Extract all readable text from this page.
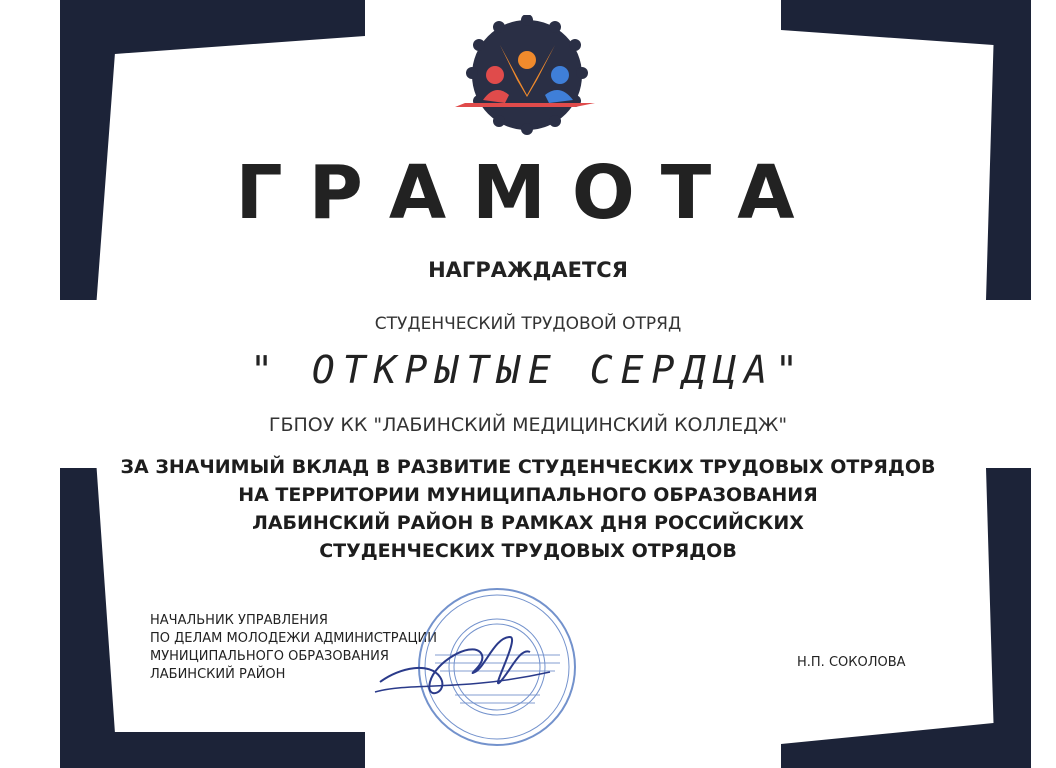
ГРАМОТА
НАГРАЖДАЕТСЯ
СТУДЕНЧЕСКИЙ ТРУДОВОЙ ОТРЯД
" ОТКРЫТЫЕ СЕРДЦА"
ГБПОУ КК "ЛАБИНСКИЙ МЕДИЦИНСКИЙ КОЛЛЕДЖ"
ЗА ЗНАЧИМЫЙ ВКЛАД В РАЗВИТИЕ СТУДЕНЧЕСКИХ ТРУДОВЫХ ОТРЯДОВ
НА ТЕРРИТОРИИ МУНИЦИПАЛЬНОГО ОБРАЗОВАНИЯ
ЛАБИНСКИЙ РАЙОН В РАМКАХ ДНЯ РОССИЙСКИХ
СТУДЕНЧЕСКИХ ТРУДОВЫХ ОТРЯДОВ
НАЧАЛЬНИК УПРАВЛЕНИЯ
ПО ДЕЛАМ МОЛОДЕЖИ АДМИНИСТРАЦИИ
МУНИЦИПАЛЬНОГО ОБРАЗОВАНИЯ
ЛАБИНСКИЙ РАЙОН
Н.П. СОКОЛОВА
